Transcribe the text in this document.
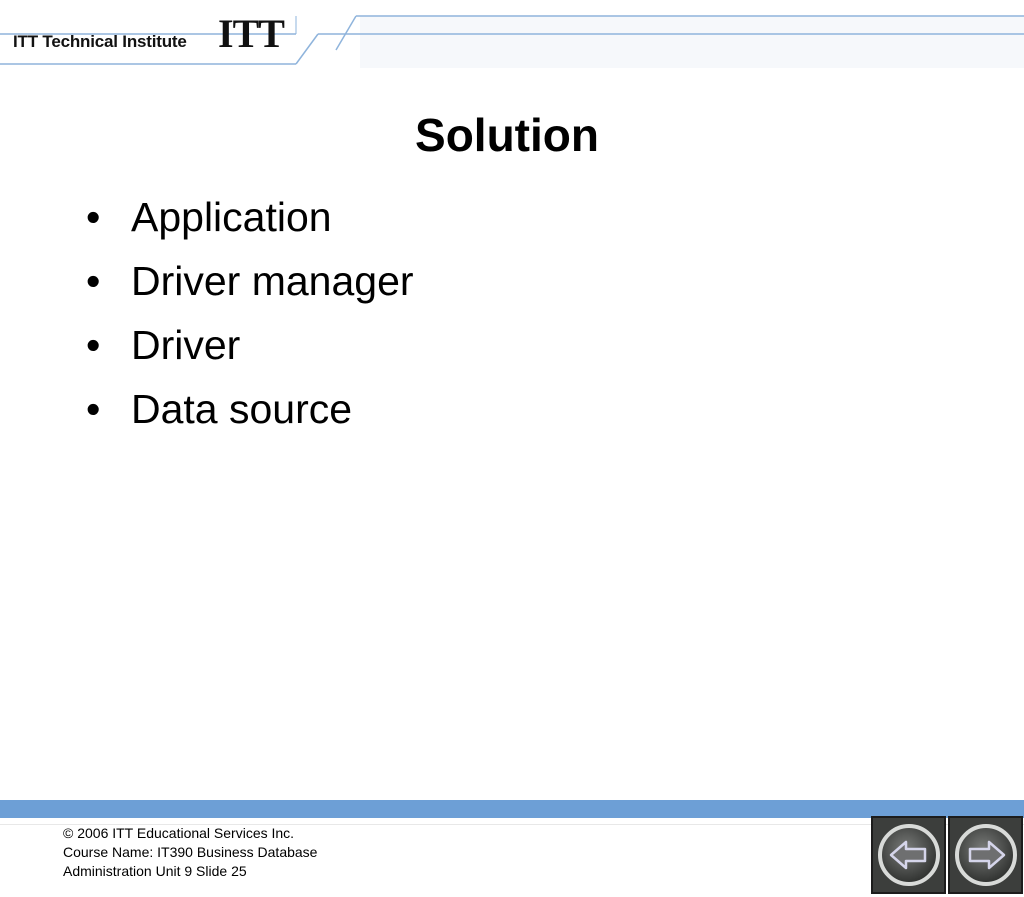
ITT Technical Institute ITT
Solution
• Application
• Driver manager
• Driver
• Data source
© 2006 ITT Educational Services Inc.
Course Name: IT390 Business Database
Administration Unit 9 Slide 25
